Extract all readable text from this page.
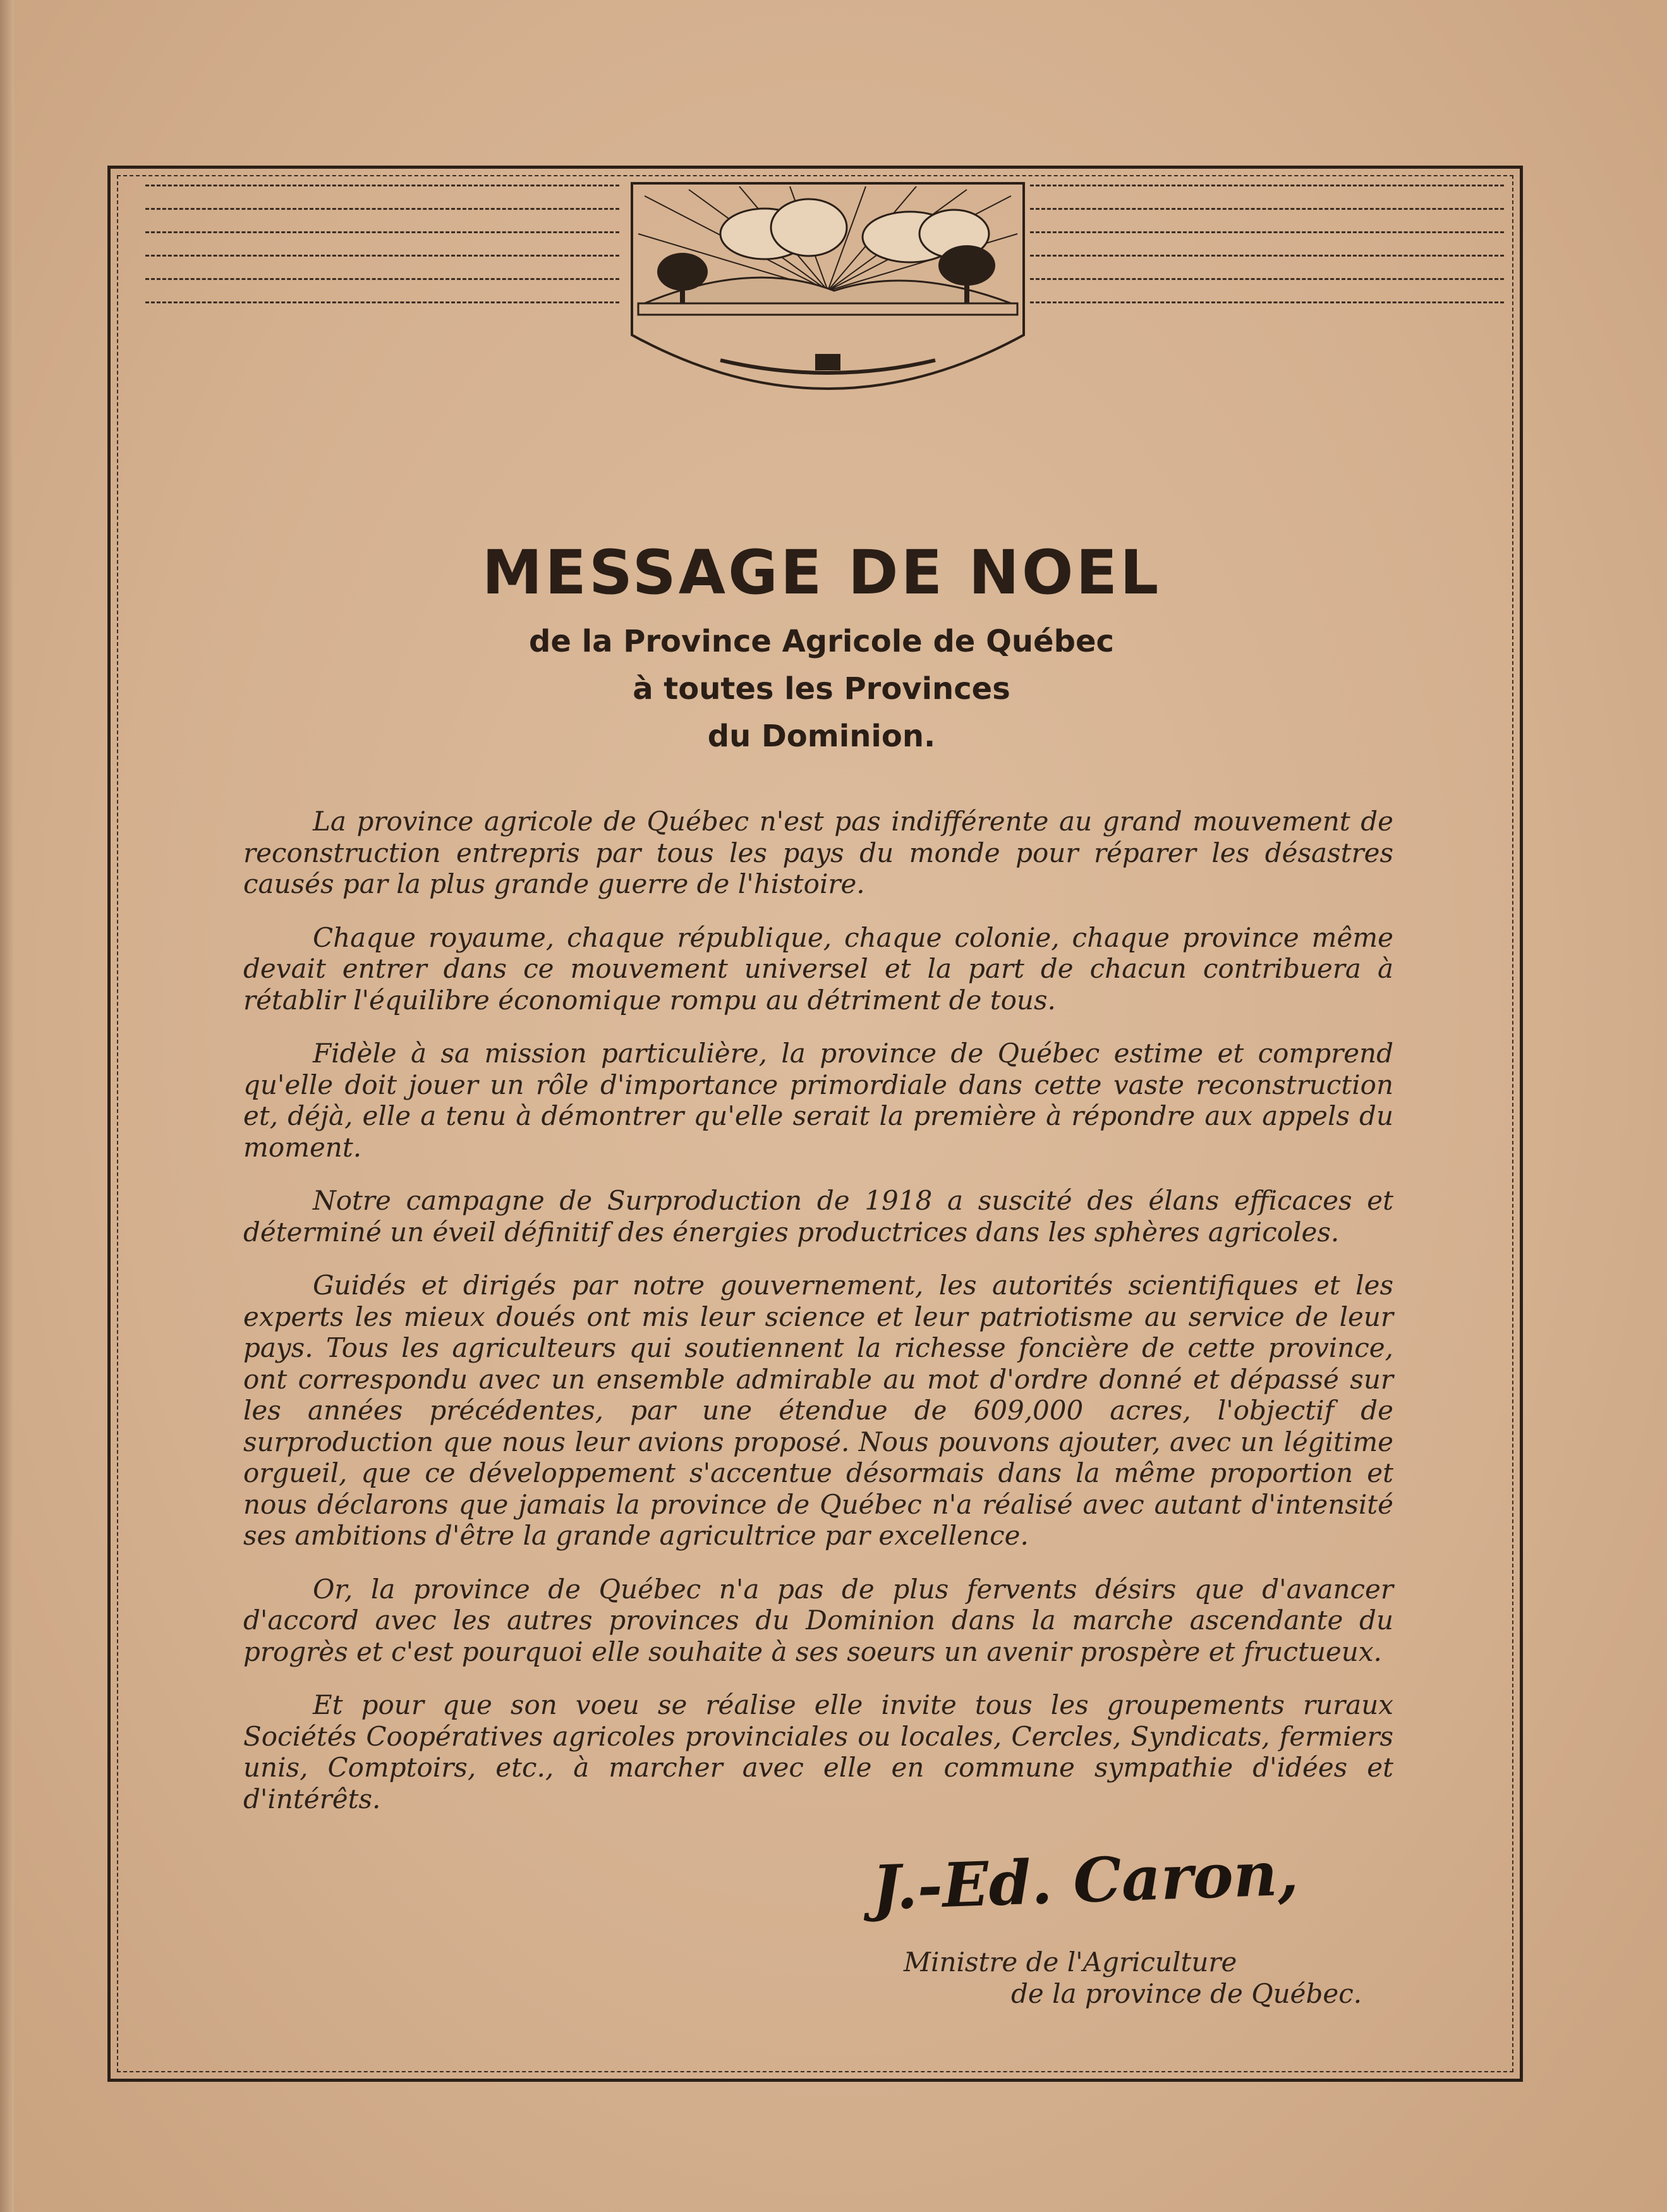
MESSAGE DE NOEL
de la Province Agricole de Québec
à toutes les Provinces
du Dominion.

La province agricole de Québec n'est pas indifférente au grand mouvement de reconstruction entrepris par tous les pays du monde pour réparer les désastres causés par la plus grande guerre de l'histoire.

Chaque royaume, chaque république, chaque colonie, chaque province même devait entrer dans ce mouvement universel et la part de chacun contribuera à rétablir l'équilibre économique rompu au détriment de tous.

Fidèle à sa mission particulière, la province de Québec estime et comprend qu'elle doit jouer un rôle d'importance primordiale dans cette vaste reconstruction et, déjà, elle a tenu à démontrer qu'elle serait la première à répondre aux appels du moment.

Notre campagne de Surproduction de 1918 a suscité des élans efficaces et déterminé un éveil définitif des énergies productrices dans les sphères agricoles.

Guidés et dirigés par notre gouvernement, les autorités scientifiques et les experts les mieux doués ont mis leur science et leur patriotisme au service de leur pays. Tous les agriculteurs qui soutiennent la richesse foncière de cette province, ont correspondu avec un ensemble admirable au mot d'ordre donné et dépassé sur les années précédentes, par une étendue de 609,000 acres, l'objectif de surproduction que nous leur avions proposé. Nous pouvons ajouter, avec un légitime orgueil, que ce développement s'accentue désormais dans la même proportion et nous déclarons que jamais la province de Québec n'a réalisé avec autant d'intensité ses ambitions d'être la grande agricultrice par excellence.

Or, la province de Québec n'a pas de plus fervents désirs que d'avancer d'accord avec les autres provinces du Dominion dans la marche ascendante du progrès et c'est pourquoi elle souhaite à ses soeurs un avenir prospère et fructueux.

Et pour que son voeu se réalise elle invite tous les groupements ruraux Sociétés Coopératives agricoles provinciales ou locales, Cercles, Syndicats, fermiers unis, Comptoirs, etc., à marcher avec elle en commune sympathie d'idées et d'intérêts.

J.-Ed. Caron,
Ministre de l'Agriculture
de la province de Québec.
